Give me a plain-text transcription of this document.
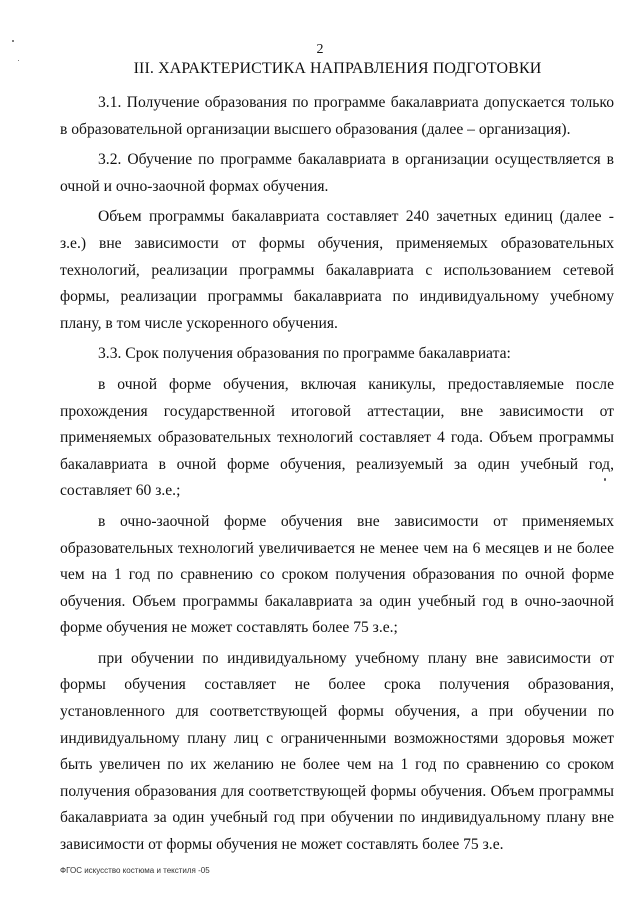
2
III. ХАРАКТЕРИСТИКА НАПРАВЛЕНИЯ ПОДГОТОВКИ

3.1. Получение образования по программе бакалавриата допускается только в образовательной организации высшего образования (далее – организация).

3.2. Обучение по программе бакалавриата в организации осуществляется в очной и очно-заочной формах обучения.

Объем программы бакалавриата составляет 240 зачетных единиц (далее - з.е.) вне зависимости от формы обучения, применяемых образовательных технологий, реализации программы бакалавриата с использованием сетевой формы, реализации программы бакалавриата по индивидуальному учебному плану, в том числе ускоренного обучения.

3.3. Срок получения образования по программе бакалавриата:

в очной форме обучения, включая каникулы, предоставляемые после прохождения государственной итоговой аттестации, вне зависимости от применяемых образовательных технологий составляет 4 года. Объем программы бакалавриата в очной форме обучения, реализуемый за один учебный год, составляет 60 з.е.;

в очно-заочной форме обучения вне зависимости от применяемых образовательных технологий увеличивается не менее чем на 6 месяцев и не более чем на 1 год по сравнению со сроком получения образования по очной форме обучения. Объем программы бакалавриата за один учебный год в очно-заочной форме обучения не может составлять более 75 з.е.;

при обучении по индивидуальному учебному плану вне зависимости от формы обучения составляет не более срока получения образования, установленного для соответствующей формы обучения, а при обучении по индивидуальному плану лиц с ограниченными возможностями здоровья может быть увеличен по их желанию не более чем на 1 год по сравнению со сроком получения образования для соответствующей формы обучения. Объем программы бакалавриата за один учебный год при обучении по индивидуальному плану вне зависимости от формы обучения не может составлять более 75 з.е.

ФГОС искусство костюма и текстиля -05
